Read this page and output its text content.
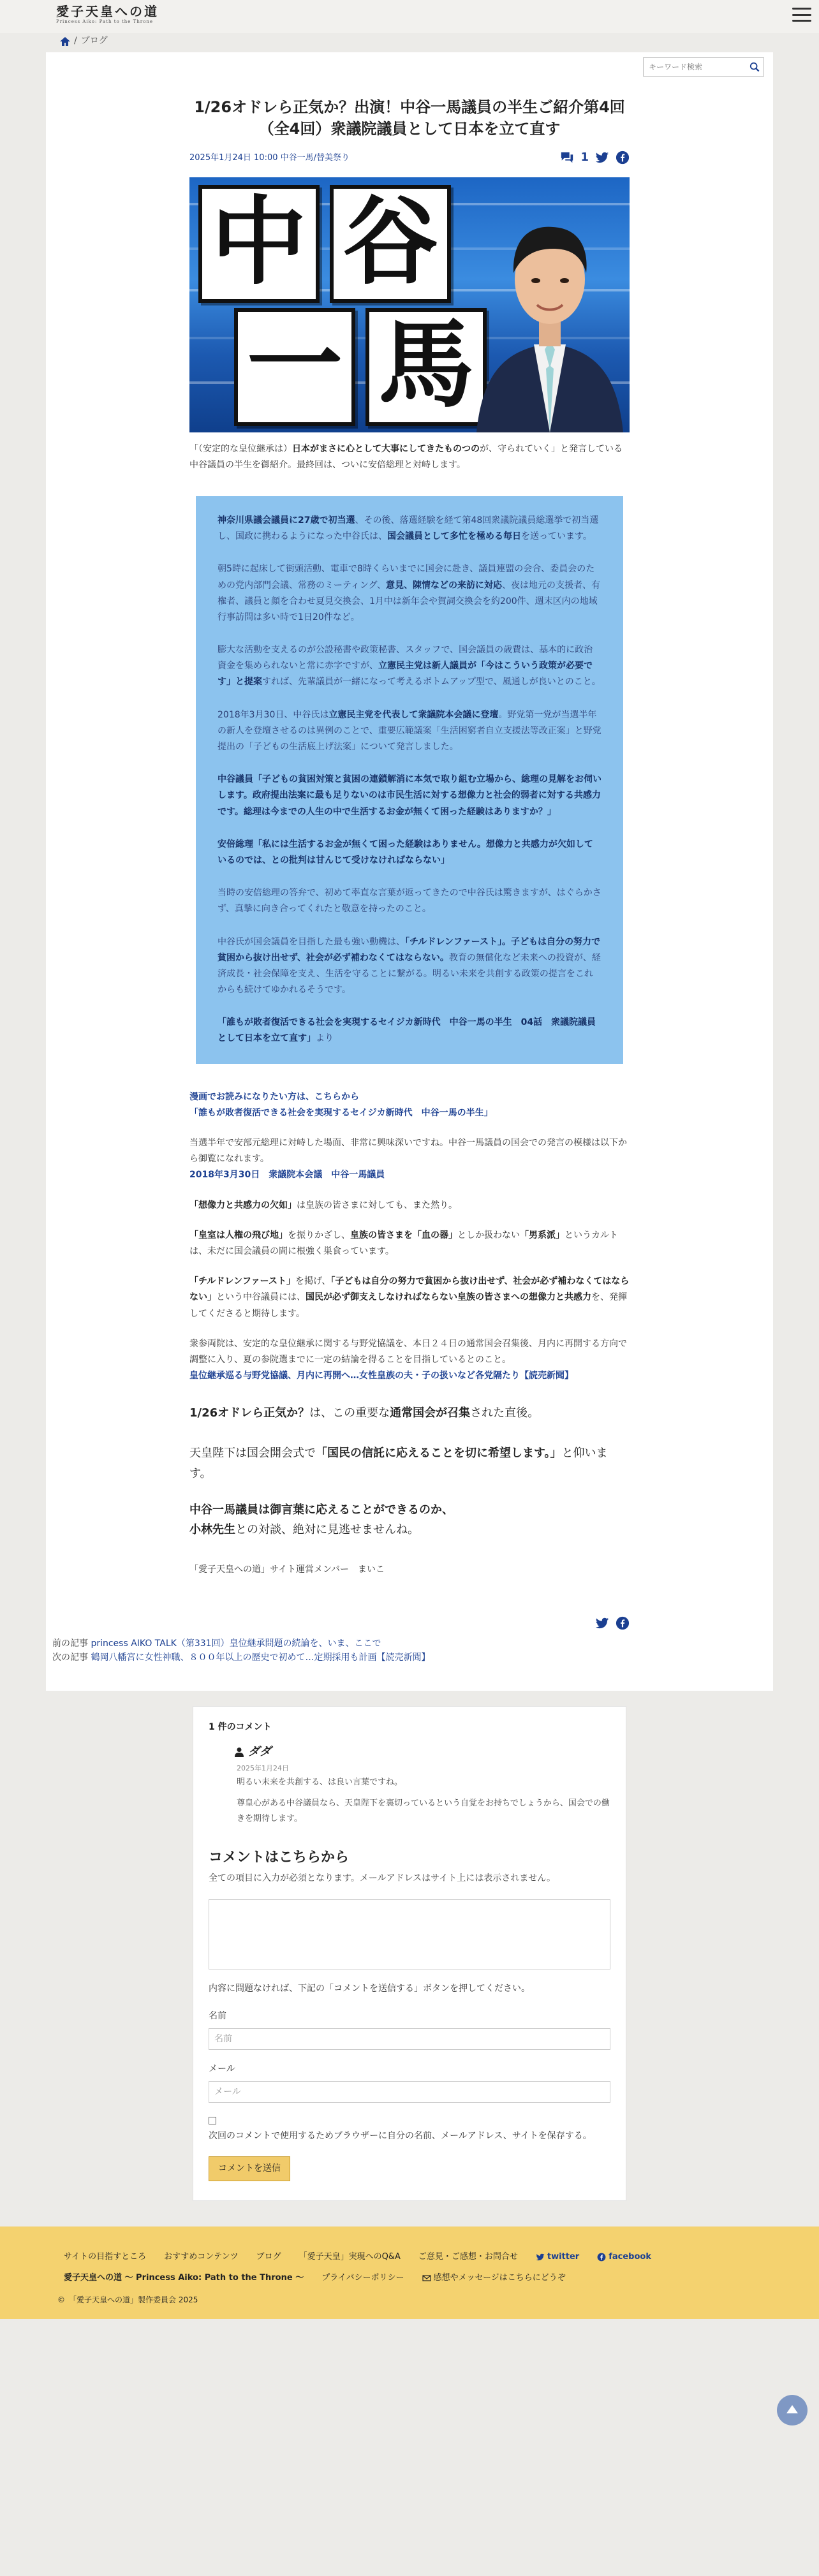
愛子天皇への道
Princess Aiko: Path to the Throne
/ ブログ
キーワード検索
1/26オドレら正気か？出演！中谷一馬議員の半生ご紹介第4回（全4回）衆議院議員として日本を立て直す
2025年1月24日 10:00 中谷一馬/替美祭り	1
中 谷
一 馬

「（安定的な皇位継承は）日本がまさに心として大事にしてきたものつのが、守られていく」と発言している中谷議員の半生を御紹介。最終回は、ついに安倍総理と対峙します。

神奈川県議会議員に27歳で初当選、その後、落選経験を経て第48回衆議院議員総選挙で初当選し、国政に携わるようになった中谷氏は、国会議員として多忙を極める毎日を送っています。

朝5時に起床して街頭活動、電車で8時くらいまでに国会に赴き、議員連盟の会合、委員会のための党内部門会議、常務のミーティング、意見、陳情などの来訪に対応、夜は地元の支援者、有権者、議員と顔を合わせ夏見交換会、1月中は新年会や賀詞交換会を約200件、週末区内の地域行事訪問は多い時で1日20件など。

膨大な活動を支えるのが公設秘書や政策秘書、スタッフで、国会議員の歳費は、基本的に政治資金を集められないと常に赤字ですが、立憲民主党は新人議員が「今はこういう政策が必要です」と提案すれば、先輩議員が一緒になって考えるボトムアップ型で、風通しが良いとのこと。

2018年3月30日、中谷氏は立憲民主党を代表して衆議院本会議に登壇。野党第一党が当選半年の新人を登壇させるのは異例のことで、重要広範議案「生活困窮者自立支援法等改正案」と野党提出の「子どもの生活底上げ法案」について発言しました。

中谷議員「子どもの貧困対策と貧困の連鎖解消に本気で取り組む立場から、総理の見解をお伺いします。政府提出法案に最も足りないのは市民生活に対する想像力と社会的弱者に対する共感力です。総理は今までの人生の中で生活するお金が無くて困った経験はありますか？」

安倍総理「私には生活するお金が無くて困った経験はありません。想像力と共感力が欠如しているのでは、との批判は甘んじて受けなければならない」

当時の安倍総理の答弁で、初めて率直な言葉が返ってきたので中谷氏は驚きますが、はぐらかさず、真摯に向き合ってくれたと敬意を持ったのこと。

中谷氏が国会議員を目指した最も強い動機は、「チルドレンファースト」。子どもは自分の努力で貧困から抜け出せず、社会が必ず補わなくてはならない。教育の無償化など未来への投資が、経済成長・社会保障を支え、生活を守ることに繋がる。明るい未来を共創する政策の提言をこれからも続けてゆかれるそうです。

「誰もが敗者復活できる社会を実現するセイジカ新時代　中谷一馬の半生　04話　衆議院議員として日本を立て直す」より

漫画でお読みになりたい方は、こちらから
「誰もが敗者復活できる社会を実現するセイジカ新時代　中谷一馬の半生」

当選半年で安部元総理に対峙した場面、非常に興味深いですね。中谷一馬議員の国会での発言の模様は以下から御覧になれます。
2018年3月30日　衆議院本会議　中谷一馬議員

「想像力と共感力の欠如」は皇族の皆さまに対しても、また然り。

「皇室は人権の飛び地」を振りかざし、皇族の皆さまを「血の器」としか扱わない「男系派」というカルトは、未だに国会議員の間に根強く巣食っています。

「チルドレンファースト」を掲げ、「子どもは自分の努力で貧困から抜け出せず、社会が必ず補わなくてはならない」という中谷議員には、国民が必ず御支えしなければならない皇族の皆さまへの想像力と共感力を、発揮してくださると期待します。

衆参両院は、安定的な皇位継承に関する与野党協議を、本日２４日の通常国会召集後、月内に再開する方向で調整に入り、夏の参院選までに一定の結論を得ることを目指しているとのこと。
皇位継承巡る与野党協議、月内に再開へ…女性皇族の夫・子の扱いなど各党隔たり【読売新聞】

1/26オドレら正気か？は、この重要な通常国会が召集された直後。

天皇陛下は国会開会式で「国民の信託に応えることを切に希望します。」と仰います。

中谷一馬議員は御言葉に応えることができるのか、
小林先生との対談、絶対に見逃せませんね。

「愛子天皇への道」サイト運営メンバー　まいこ

前の記事 princess AIKO TALK（第331回）皇位継承問題の続論を、いま、ここで
次の記事 鶴岡八幡宮に女性神職、８００年以上の歴史で初めて…定期採用も計画【読売新聞】
1 件のコメント
ダダ
2025年1月24日

明るい未来を共創する、は良い言葉ですね。

尊皇心がある中谷議員なら、天皇陛下を裏切っているという自覚をお持ちでしょうから、国会での働きを期待します。

コメントはこちらから

全ての項目に入力が必須となります。メールアドレスはサイト上には表示されません。

内容に問題なければ、下記の「コメントを送信する」ボタンを押してください。

名前

名前

メール

メール
次回のコメントで使用するためブラウザーに自分の名前、メールアドレス、サイトを保存する。
コメントを送信
サイトの目指すところ おすすめコンテンツ ブログ 「愛子天皇」実現へのQ&A ご意見・ご感想・お問合せ	twitter	facebook
愛子天皇への道 ～ Princess Aiko: Path to the Throne ～ プライバシーポリシー	感想やメッセージはこちらにどうぞ
©　「愛子天皇への道」製作委員会 2025
